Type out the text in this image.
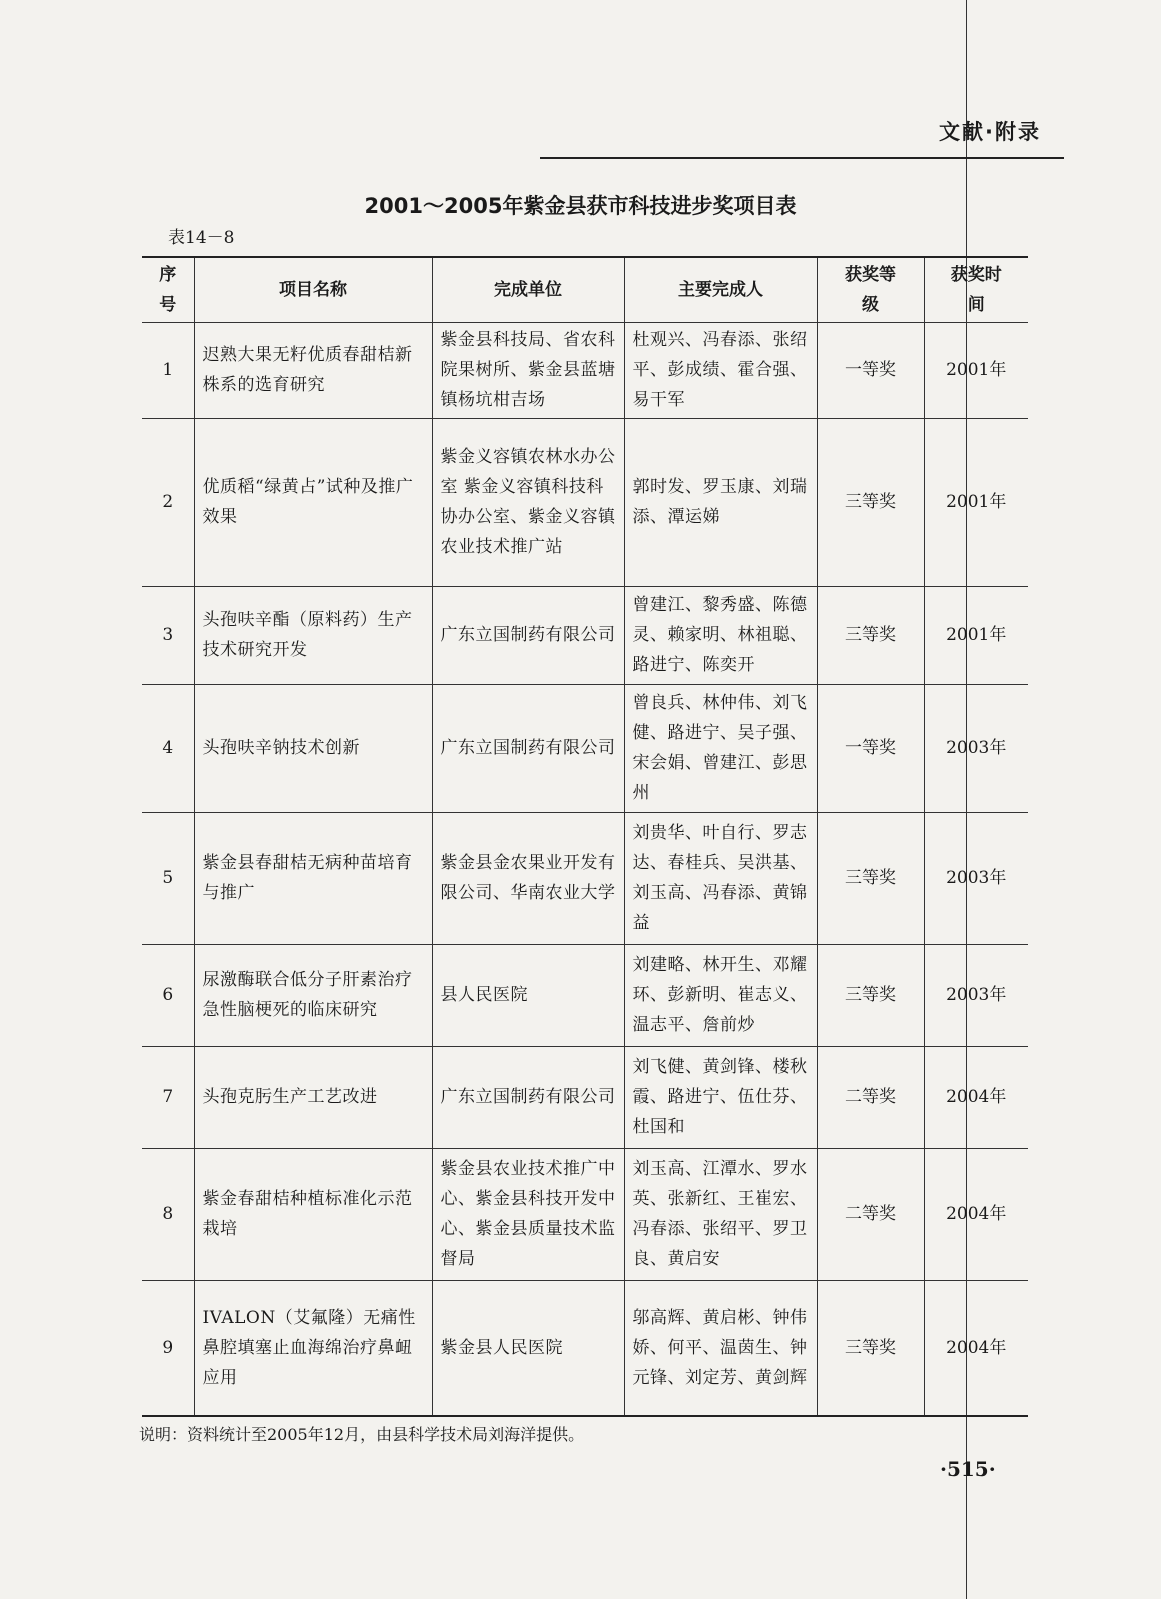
文献·附录
2001～2005年紫金县获市科技进步奖项目表
表14－8
序号	项目名称	完成单位	主要完成人	获奖等级	获奖时间
1	迟熟大果无籽优质春甜桔新株系的选育研究	紫金县科技局、省农科院果树所、紫金县蓝塘镇杨坑柑吉场	杜观兴、冯春添、张绍平、彭成绩、霍合强、易干军	一等奖	2001年
2	优质稻“绿黄占”试种及推广效果	紫金义容镇农林水办公室 紫金义容镇科技科协办公室、紫金义容镇农业技术推广站	郭时发、罗玉康、刘瑞添、潭运娣	三等奖	2001年
3	头孢呋辛酯（原料药）生产技术研究开发	广东立国制药有限公司	曾建江、黎秀盛、陈德灵、赖家明、林祖聪、路进宁、陈奕开	三等奖	2001年
4	头孢呋辛钠技术创新	广东立国制药有限公司	曾良兵、林仲伟、刘飞健、路进宁、吴子强、宋会娟、曾建江、彭思州	一等奖	2003年
5	紫金县春甜桔无病种苗培育与推广	紫金县金农果业开发有限公司、华南农业大学	刘贵华、叶自行、罗志达、春桂兵、吴洪基、刘玉高、冯春添、黄锦益	三等奖	2003年
6	尿激酶联合低分子肝素治疗急性脑梗死的临床研究	县人民医院	刘建略、林开生、邓耀环、彭新明、崔志义、温志平、詹前炒	三等奖	2003年
7	头孢克肟生产工艺改进	广东立国制药有限公司	刘飞健、黄剑锋、楼秋霞、路进宁、伍仕芬、杜国和	二等奖	2004年
8	紫金春甜桔种植标准化示范栽培	紫金县农业技术推广中心、紫金县科技开发中心、紫金县质量技术监督局	刘玉高、江潭水、罗水英、张新红、王崔宏、冯春添、张绍平、罗卫良、黄启安	二等奖	2004年
9	IVALON（艾氟隆）无痛性鼻腔填塞止血海绵治疗鼻衄应用	紫金县人民医院	邬高辉、黄启彬、钟伟娇、何平、温茵生、钟元锋、刘定芳、黄剑辉	三等奖	2004年
说明：资料统计至2005年12月，由县科学技术局刘海洋提供。
·515·
